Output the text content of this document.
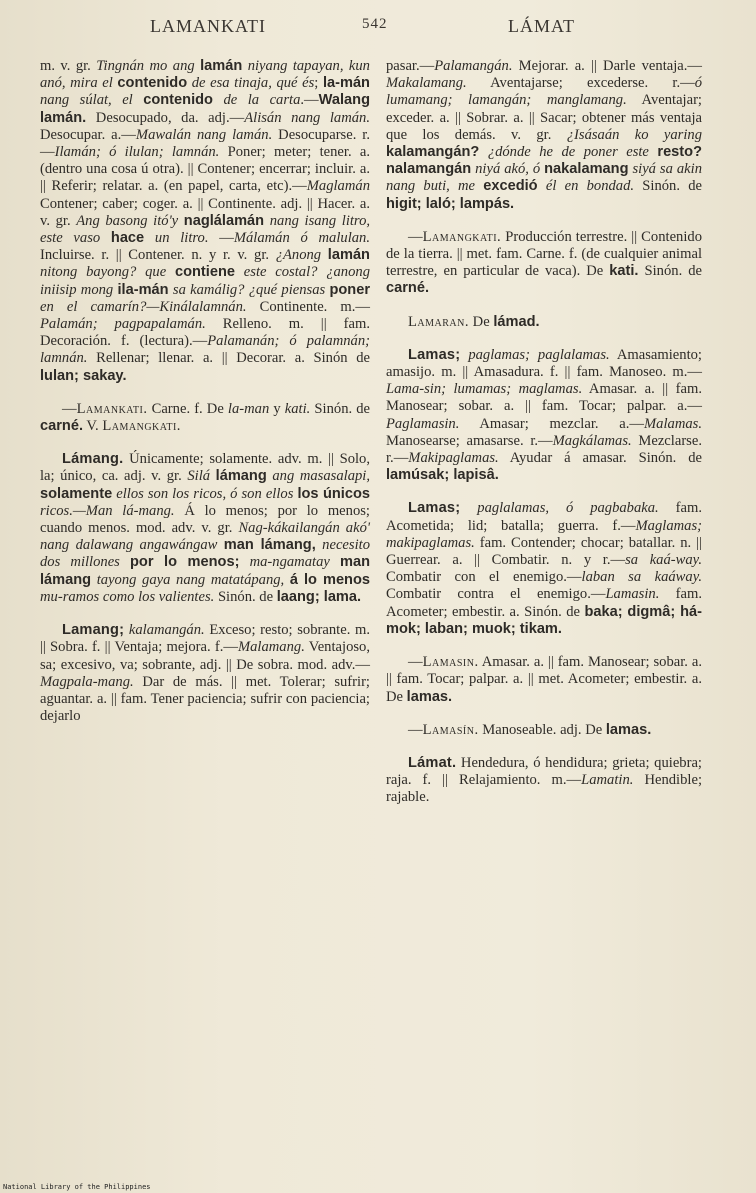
LAMANKATI	542	LÁMAT

m. v. gr. Tingnán mo ang lamán niyang tapayan, kun anó, mira el contenido de esa tinaja, qué és; la-mán nang súlat, el contenido de la carta.—Walang lamán. Desocupado, da. adj.—Alisán nang lamán. Desocupar. a.—Mawalán nang lamán. Desocuparse. r.—Ilamán; ó ilulan; lamnán. Poner; meter; tener. a. (dentro una cosa ú otra). || Contener; encerrar; incluir. a. || Referir; relatar. a. (en papel, carta, etc).—Maglamán Contener; caber; coger. a. || Continente. adj. || Hacer. a. v. gr. Ang basong itó'y naglálamán nang isang litro, este vaso hace un litro. —Málamán ó malulan. Incluirse. r. || Contener. n. y r. v. gr. ¿Anong lamán nitong bayong? que contiene este costal? ¿anong iniisip mong ila-mán sa kamálig? ¿qué piensas poner en el camarín?—Kinálalamnán. Continente. m.—Palamán; pagpapalamán. Relleno. m. || fam. Decoración. f. (lectura).—Palamanán; ó palamnán; lamnán. Rellenar; llenar. a. || Decorar. a. Sinón de lulan; sakay.

—Lamankati. Carne. f. De la-man y kati. Sinón. de carné. V. Lamangkati.

Lámang. Únicamente; solamente. adv. m. || Solo, la; único, ca. adj. v. gr. Silá lámang ang masasalapi, solamente ellos son los ricos, ó son ellos los únicos ricos.—Man lá-mang. Á lo menos; por lo menos; cuando menos. mod. adv. v. gr. Nag-kákailangán akó' nang dalawang angawángaw man lámang, necesito dos millones por lo menos; ma-ngamatay man lámang tayong gaya nang matatápang, á lo menos mu-ramos como los valientes. Sinón. de laang; lama.

Lamang; kalamangán. Exceso; resto; sobrante. m. || Sobra. f. || Ventaja; mejora. f.—Malamang. Ventajoso, sa; excesivo, va; sobrante, adj. || De sobra. mod. adv.—Magpala-mang. Dar de más. || met. Tolerar; sufrir; aguantar. a. || fam. Tener paciencia; sufrir con paciencia; dejarlo

pasar.—Palamangán. Mejorar. a. || Darle ventaja.—Makalamang. Aventajarse; excederse. r.—ó lumamang; lamangán; manglamang. Aventajar; exceder. a. || Sobrar. a. || Sacar; obtener más ventaja que los demás. v. gr. ¿Isásaán ko yaring kalamangán? ¿dónde he de poner este resto? nalamangán niyá akó, ó nakalamang siyá sa akin nang buti, me excedió él en bondad. Sinón. de higit; laló; lampás.

—Lamangkati. Producción terrestre. || Contenido de la tierra. || met. fam. Carne. f. (de cualquier animal terrestre, en particular de vaca). De kati. Sinón. de carné.

Lamaran. De lámad.

Lamas; paglamas; paglalamas. Amasamiento; amasijo. m. || Amasadura. f. || fam. Manoseo. m.—Lama-sin; lumamas; maglamas. Amasar. a. || fam. Manosear; sobar. a. || fam. Tocar; palpar. a.—Paglamasin. Amasar; mezclar. a.—Malamas. Manosearse; amasarse. r.—Magkálamas. Mezclarse. r.—Makipaglamas. Ayudar á amasar. Sinón. de lamúsak; lapisâ.

Lamas; paglalamas, ó pagbabaka. fam. Acometida; lid; batalla; guerra. f.—Maglamas; makipaglamas. fam. Contender; chocar; batallar. n. || Guerrear. a. || Combatir. n. y r.—sa kaá-way. Combatir con el enemigo.—laban sa kaáway. Combatir contra el enemigo.—Lamasin. fam. Acometer; embestir. a. Sinón. de baka; digmâ; há-mok; laban; muok; tikam.

—Lamasin. Amasar. a. || fam. Manosear; sobar. a. || fam. Tocar; palpar. a. || met. Acometer; embestir. a. De lamas.

—Lamasín. Manoseable. adj. De lamas.

Lámat. Hendedura, ó hendidura; grieta; quiebra; raja. f. || Relajamiento. m.—Lamatin. Hendible; rajable.

National Library of the Philippines
